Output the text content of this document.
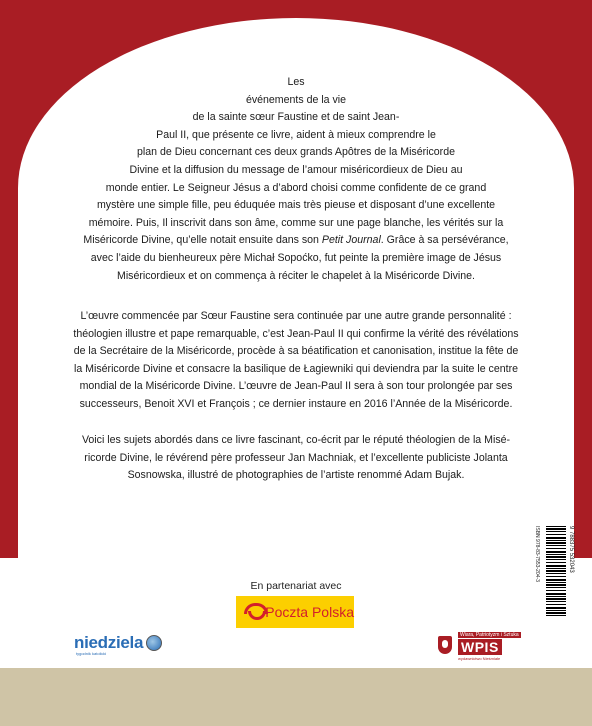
Les
événements de la vie
de la sainte sœur Faustine et de saint Jean-
Paul II, que présente ce livre, aident à mieux comprendre le
plan de Dieu concernant ces deux grands Apôtres de la Miséricorde
Divine et la diffusion du message de l’amour miséricordieux de Dieu au
monde entier. Le Seigneur Jésus a d’abord choisi comme confidente de ce grand
mystère une simple fille, peu éduquée mais très pieuse et disposant d’une excellente
mémoire. Puis, Il inscrivit dans son âme, comme sur une page blanche, les vérités sur la
Miséricorde Divine, qu’elle notait ensuite dans son Petit Journal. Grâce à sa persévérance,
avec l’aide du bienheureux père Michał Sopoćko, fut peinte la première image de Jésus
Miséricordieux et on commença à réciter le chapelet à la Miséricorde Divine.
L’œuvre commencée par Sœur Faustine sera continuée par une autre grande personnalité :
théologien illustre et pape remarquable, c’est Jean-Paul II qui confirme la vérité des révélations
de la Secrétaire de la Miséricorde, procède à sa béatification et canonisation, institue la fête de
la Miséricorde Divine et consacre la basilique de Łagiewniki qui deviendra par la suite le centre
mondial de la Miséricorde Divine. L’œuvre de Jean-Paul II sera à son tour prolongée par ses
successeurs, Benoit XVI et François ; ce dernier instaure en 2016 l’Année de la Miséricorde.
Voici les sujets abordés dans ce livre fascinant, co-écrit par le réputé théologien de la Misé-
ricorde Divine, le révérend père professeur Jan Machniak, et l’excellente publiciste Jolanta
Sosnowska, illustré de photographies de l’artiste renommé Adam Bujak.
ISBN 978-83-7553-204-3	9 788375 532043
En partenariat avec
Poczta Polska
niedziela
tygodnik katolicki
Wiara, Patriotyzm i Sztuka
WPIS
wydawnictwo Nieśmiałe
